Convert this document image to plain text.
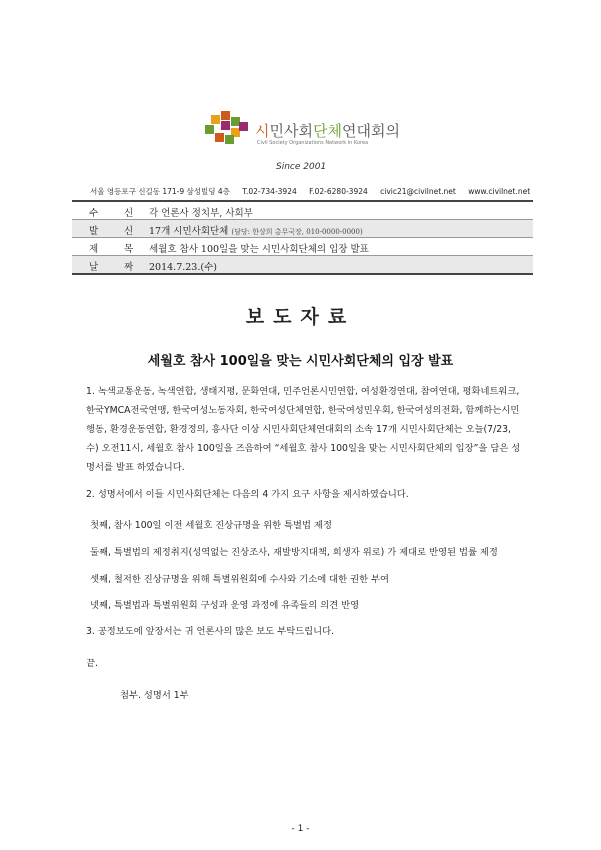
시민사회단체연대회의
Civil Society Organizations Network in Korea
Since 2001
서울 영등포구 신길동 171-9 삼성빌딩 4층 T.02-734-3924 F.02-6280-3924 civic21@civilnet.net www.civilnet.net
수	신 각 언론사 정치부, 사회부
발	신 17개 시민사회단체 (담당: 한상희 총무국장, 010-0000-0000)
제	목 세월호 참사 100일을 맞는 시민사회단체의 입장 발표
날	짜 2014.7.23.(수)
보도자료
세월호 참사 100일을 맞는 시민사회단체의 입장 발표

1. 녹색교통운동, 녹색연합, 생태지평, 문화연대, 민주언론시민연합, 여성환경연대, 참여연대, 평화네트워크, 한국YMCA전국연맹, 한국여성노동자회, 한국여성단체연합, 한국여성민우회, 한국여성의전화, 함께하는시민행동, 환경운동연합, 환경정의, 흥사단 이상 시민사회단체연대회의 소속 17개 시민사회단체는 오늘(7/23, 수) 오전11시, 세월호 참사 100일을 즈음하여 “세월호 참사 100일을 맞는 시민사회단체의 입장”을 담은 성명서를 발표 하였습니다.

2. 성명서에서 이들 시민사회단체는 다음의 4 가지 요구 사항을 제시하였습니다.

첫째, 참사 100일 이전 세월호 진상규명을 위한 특별법 제정

둘째, 특별법의 제정취지(성역없는 진상조사, 재발방지대책, 희생자 위로) 가 제대로 반영된 법률 제정

셋째, 철저한 진상규명을 위해 특별위원회에 수사와 기소에 대한 권한 부여

넷째, 특별법과 특별위원회 구성과 운영 과정에 유족들의 의견 반영

3. 공정보도에 앞장서는 귀 언론사의 많은 보도 부탁드립니다.

끝.

첨부. 성명서 1부

- 1 -
